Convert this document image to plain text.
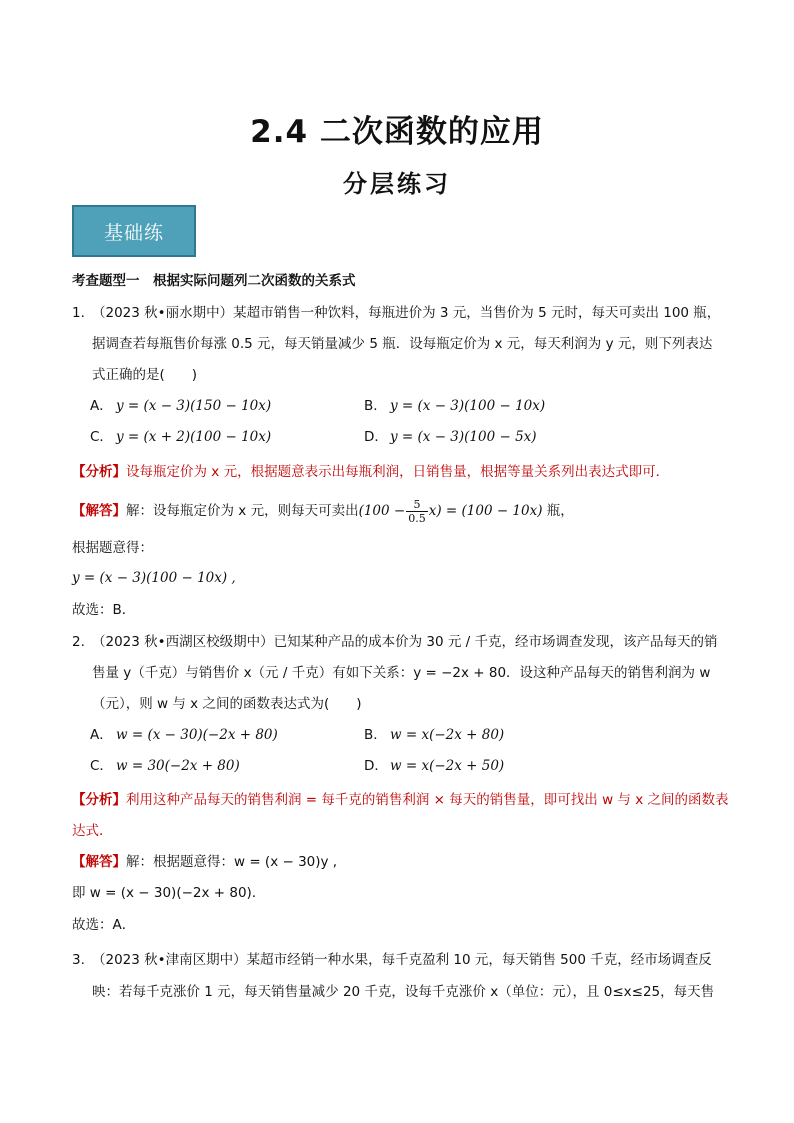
2.4 二次函数的应用
分层练习
基础练
考查题型一　根据实际问题列二次函数的关系式
1. （2023 秋•丽水期中）某超市销售一种饮料，每瓶进价为 3 元，当售价为 5 元时，每天可卖出 100 瓶，
据调查若每瓶售价每涨 0.5 元，每天销量减少 5 瓶．设每瓶定价为 x 元，每天利润为 y 元，则下列表达
式正确的是(　　)
A． y = (x − 3)(150 − 10x)	B． y = (x − 3)(100 − 10x)
C． y = (x + 2)(100 − 10x)	D． y = (x − 3)(100 − 5x)
【分析】设每瓶定价为 x 元，根据题意表示出每瓶利润，日销售量，根据等量关系列出表达式即可．
【解答】解：设每瓶定价为 x 元，则每天可卖出$(100 - \frac{5}{0.5} x) = (100 - 10x)$ 瓶，
根据题意得：
y = (x − 3)(100 − 10x) ,
故选：B．
2. （2023 秋•西湖区校级期中）已知某种产品的成本价为 30 元 / 千克，经市场调查发现，该产品每天的销
售量 y（千克）与销售价 x（元 / 千克）有如下关系：y = −2x + 80．设这种产品每天的销售利润为 w
（元），则 w 与 x 之间的函数表达式为(　　)
A． w = (x − 30)(−2x + 80)	B． w = x(−2x + 80)
C． w = 30(−2x + 80)	D． w = x(−2x + 50)
【分析】利用这种产品每天的销售利润 = 每千克的销售利润 × 每天的销售量，即可找出 w 与 x 之间的函数表
达式．
【解答】解：根据题意得：w = (x − 30)y ,
即 w = (x − 30)(−2x + 80)．
故选：A．
3. （2023 秋•津南区期中）某超市经销一种水果，每千克盈利 10 元，每天销售 500 千克，经市场调查反
映：若每千克涨价 1 元，每天销售量减少 20 千克，设每千克涨价 x（单位：元），且 0≤x≤25，每天售
